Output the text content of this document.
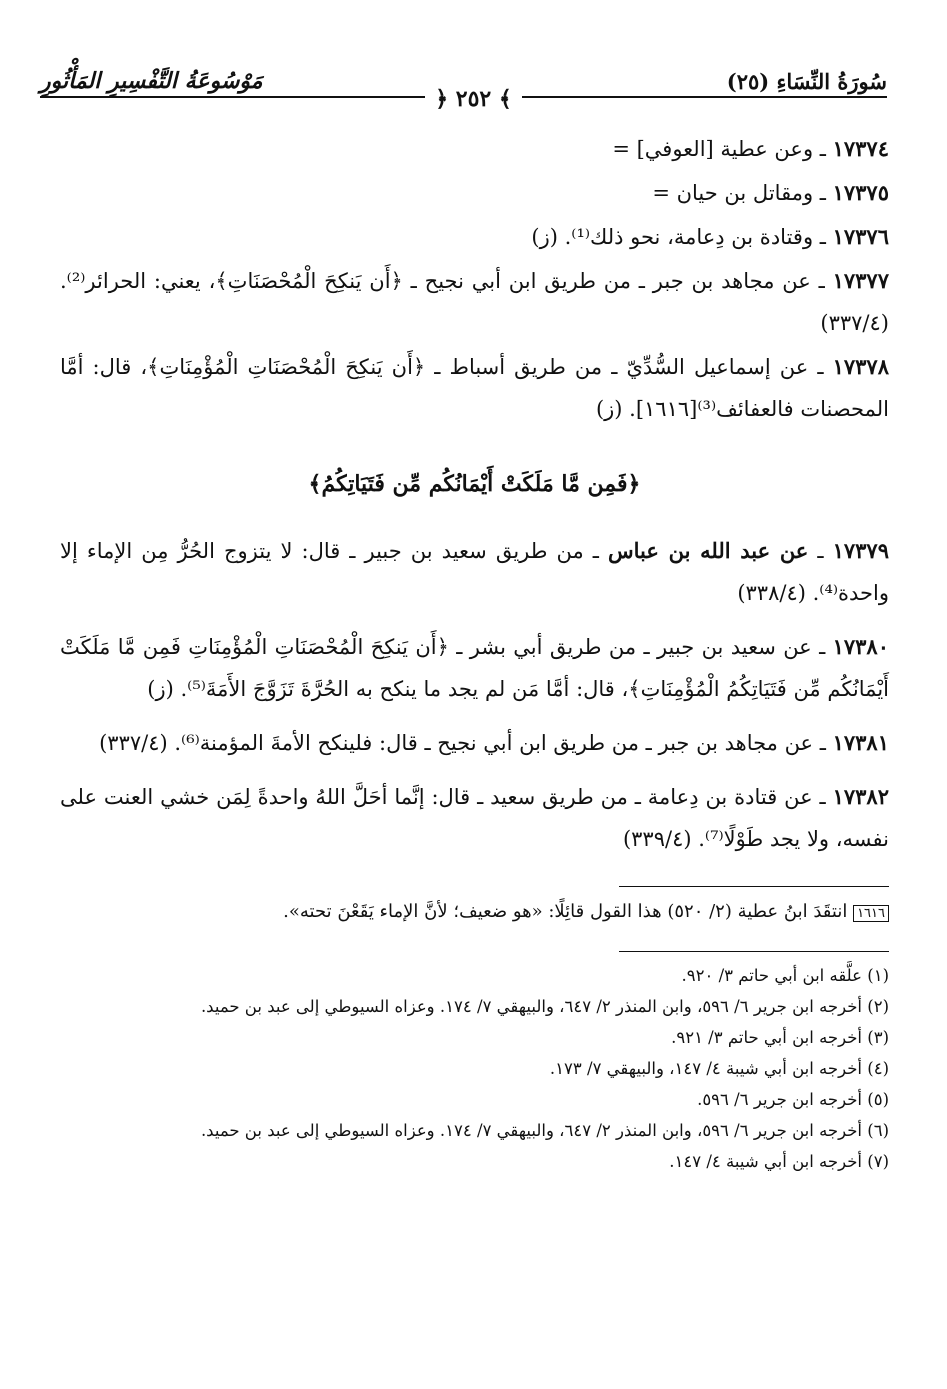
سُورَةُ النِّسَاءِ (٢٥)
مَوْسُوعَةُ التَّفْسِيرِ المَأْثُورِ
﴾ ٢٥٢ ﴿

١٧٣٧٤ ـ وعن عطية [العوفي] =

١٧٣٧٥ ـ ومقاتل بن حيان =

١٧٣٧٦ ـ وقتادة بن دِعامة، نحو ذلك⁽¹⁾. (ز)

١٧٣٧٧ ـ عن مجاهد بن جبر ـ من طريق ابن أبي نجيح ـ ﴿أَن يَنكِحَ الْمُحْصَنَاتِ﴾، يعني: الحرائر⁽²⁾. (٣٣٧/٤)

١٧٣٧٨ ـ عن إسماعيل السُّدِّيّ ـ من طريق أسباط ـ ﴿أَن يَنكِحَ الْمُحْصَنَاتِ الْمُؤْمِنَاتِ﴾، قال: أمَّا المحصنات فالعفائف⁽³⁾[١٦١٦]. (ز)

﴿فَمِن مَّا مَلَكَتْ أَيْمَانُكُم مِّن فَتَيَاتِكُمُ﴾

١٧٣٧٩ ـ عن عبد الله بن عباس ـ من طريق سعيد بن جبير ـ قال: لا يتزوج الحُرُّ مِن الإماء إلا واحدة⁽⁴⁾. (٣٣٨/٤)

١٧٣٨٠ ـ عن سعيد بن جبير ـ من طريق أبي بشر ـ ﴿أَن يَنكِحَ الْمُحْصَنَاتِ الْمُؤْمِنَاتِ فَمِن مَّا مَلَكَتْ أَيْمَانُكُم مِّن فَتَيَاتِكُمُ الْمُؤْمِنَاتِ﴾، قال: أمَّا مَن لم يجد ما ينكح به الحُرَّةَ تَزَوَّجَ الأَمَةَ⁽⁵⁾. (ز)

١٧٣٨١ ـ عن مجاهد بن جبر ـ من طريق ابن أبي نجيح ـ قال: فلينكح الأمةَ المؤمنة⁽⁶⁾. (٣٣٧/٤)

١٧٣٨٢ ـ عن قتادة بن دِعامة ـ من طريق سعيد ـ قال: إنَّما أحَلَّ اللهُ واحدةً لِمَن خشي العنت على نفسه، ولا يجد طَوْلًا⁽⁷⁾. (٣٣٩/٤)

١٦١٦ انتقَدَ ابنُ عطية (٢/ ٥٢٠) هذا القول قائِلًا: «هو ضعيف؛ لأنَّ الإماء يَقَعْنَ تحته».

(١) علَّقه ابن أبي حاتم ٣/ ٩٢٠.

(٢) أخرجه ابن جرير ٦/ ٥٩٦، وابن المنذر ٢/ ٦٤٧، والبيهقي ٧/ ١٧٤. وعزاه السيوطي إلى عبد بن حميد.

(٣) أخرجه ابن أبي حاتم ٣/ ٩٢١.

(٤) أخرجه ابن أبي شيبة ٤/ ١٤٧، والبيهقي ٧/ ١٧٣.

(٥) أخرجه ابن جرير ٦/ ٥٩٦.

(٦) أخرجه ابن جرير ٦/ ٥٩٦، وابن المنذر ٢/ ٦٤٧، والبيهقي ٧/ ١٧٤. وعزاه السيوطي إلى عبد بن حميد.

(٧) أخرجه ابن أبي شيبة ٤/ ١٤٧.
